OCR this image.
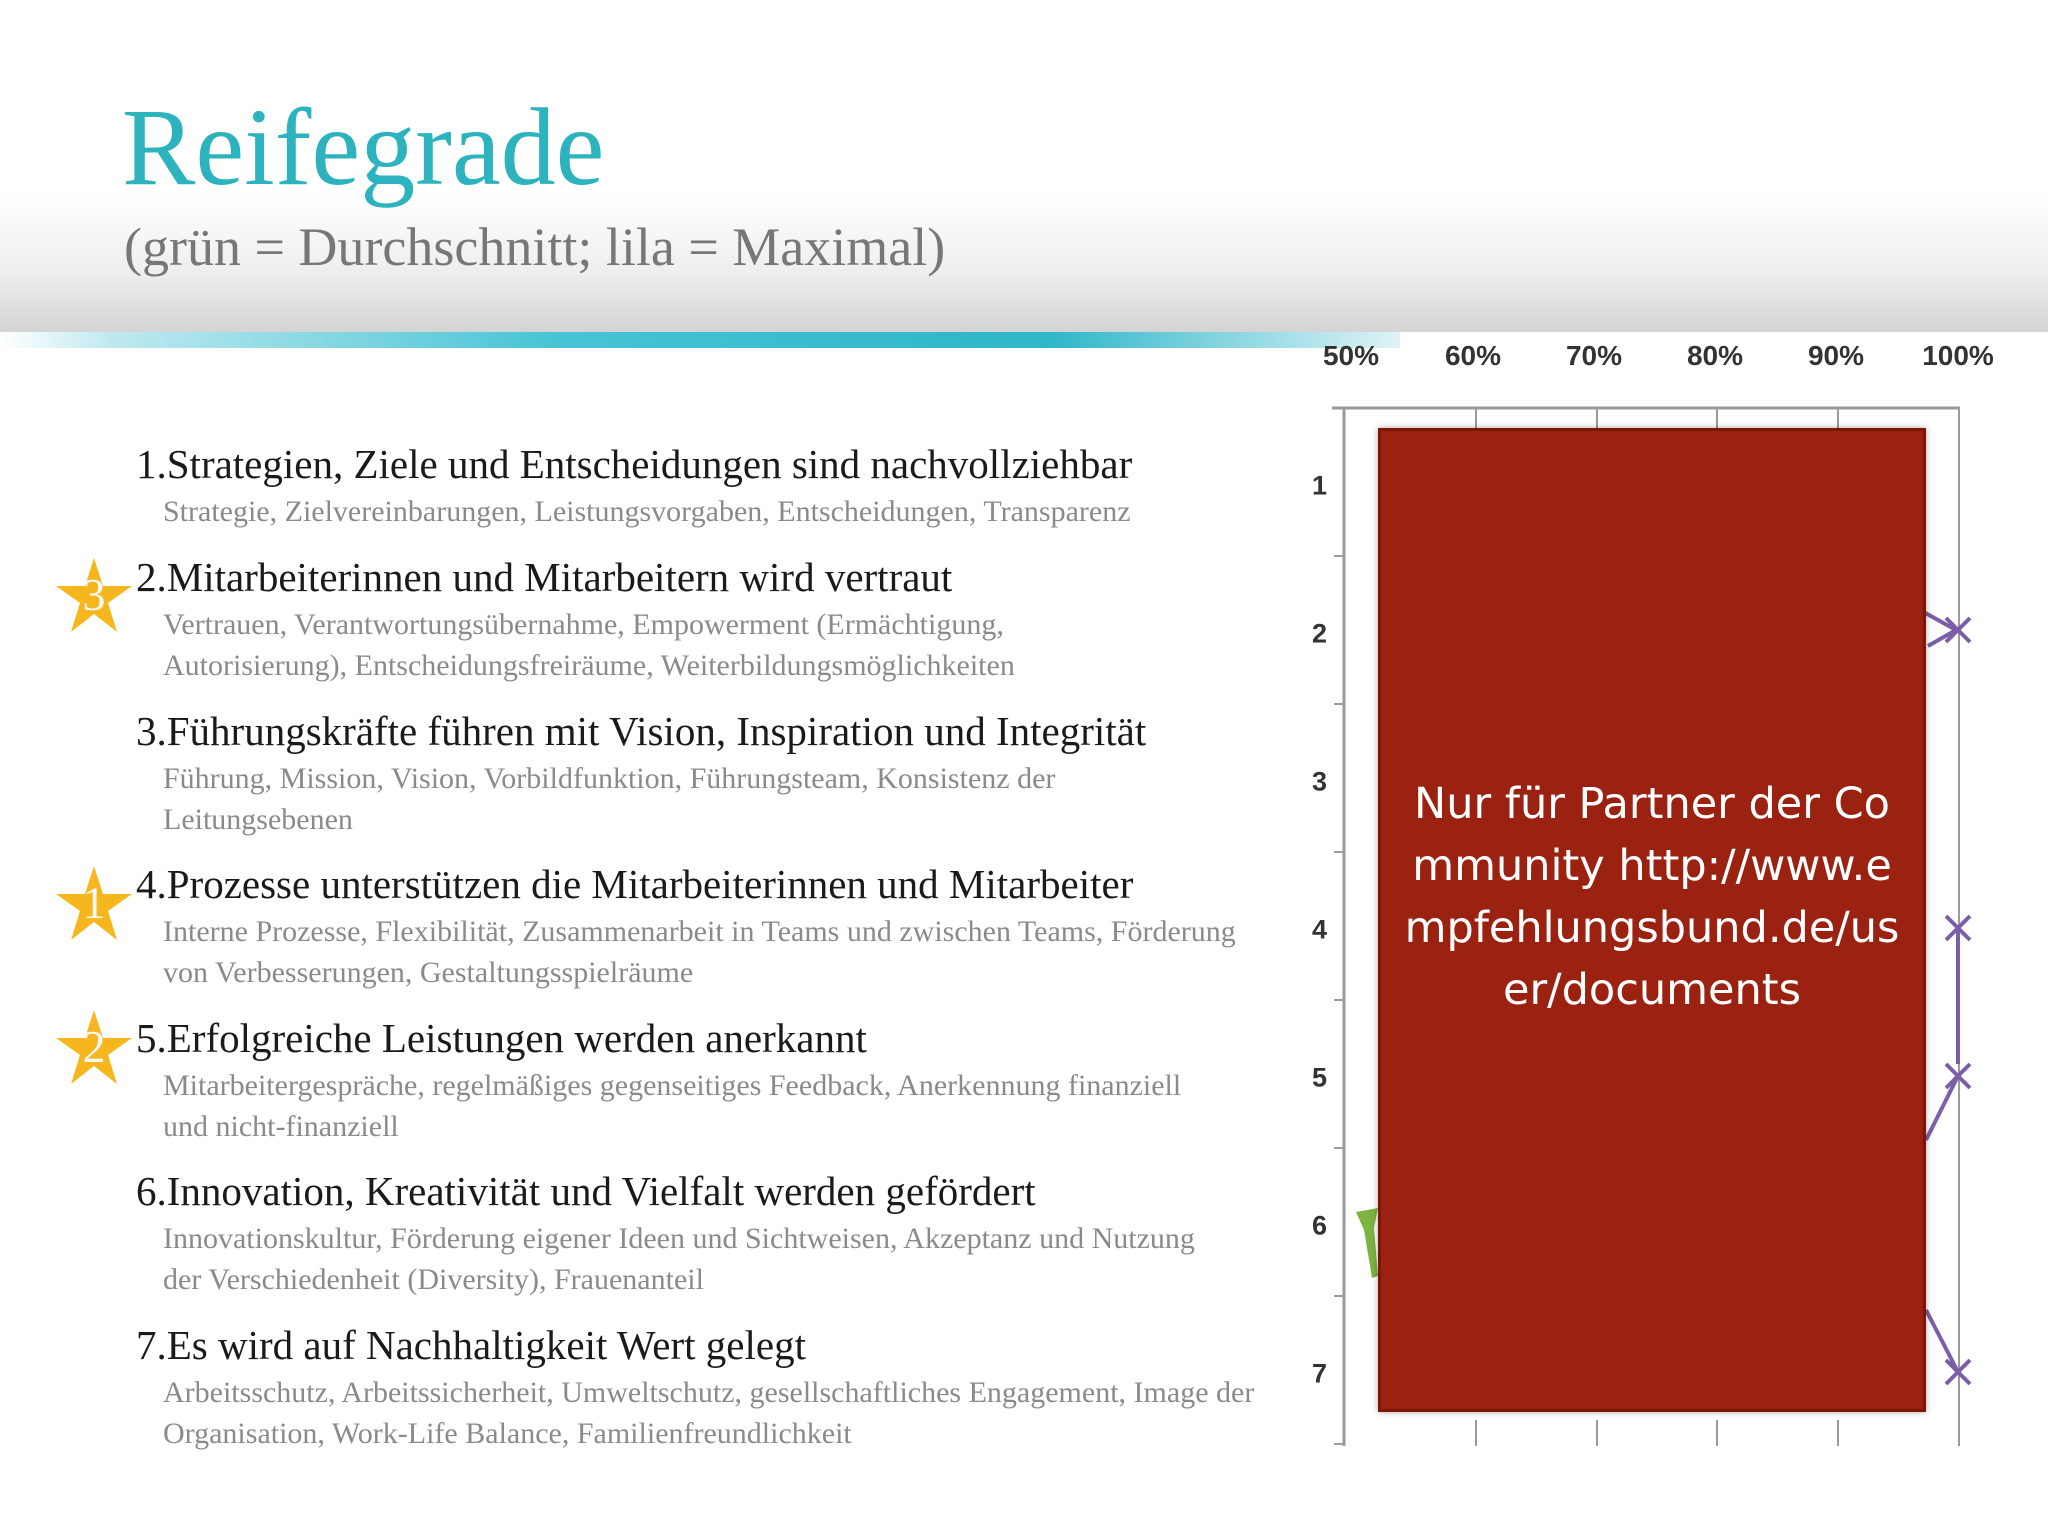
Reifegrade
(grün = Durchschnitt; lila = Maximal)
1.Strategien, Ziele und Entscheidungen sind nachvollziehbar
Strategie, Zielvereinbarungen, Leistungsvorgaben, Entscheidungen, Transparenz
2.Mitarbeiterinnen und Mitarbeitern wird vertraut
Vertrauen, Verantwortungsübernahme, Empowerment (Ermächtigung, Autorisierung), Entscheidungsfreiräume, Weiterbildungsmöglichkeiten
3.Führungskräfte führen mit Vision, Inspiration und Integrität
Führung, Mission, Vision, Vorbildfunktion, Führungsteam, Konsistenz der Leitungsebenen
4.Prozesse unterstützen die Mitarbeiterinnen und Mitarbeiter
Interne Prozesse, Flexibilität, Zusammenarbeit in Teams und zwischen Teams, Förderung von Verbesserungen, Gestaltungsspielräume
5.Erfolgreiche Leistungen werden anerkannt
Mitarbeitergespräche, regelmäßiges gegenseitiges Feedback, Anerkennung finanziell und nicht-finanziell
6.Innovation, Kreativität und Vielfalt werden gefördert
Innovationskultur, Förderung eigener Ideen und Sichtweisen, Akzeptanz und Nutzung der Verschiedenheit (Diversity), Frauenanteil
7.Es wird auf Nachhaltigkeit Wert gelegt
Arbeitsschutz, Arbeitssicherheit, Umweltschutz, gesellschaftliches Engagement, Image der Organisation, Work-Life Balance, Familienfreundlichkeit
3
1
2
50% 60% 70% 80% 90% 100%
1
2
3
4
5
6
7
Nur für Partner der Community http://www.empfehlungsbund.de/user/documents
